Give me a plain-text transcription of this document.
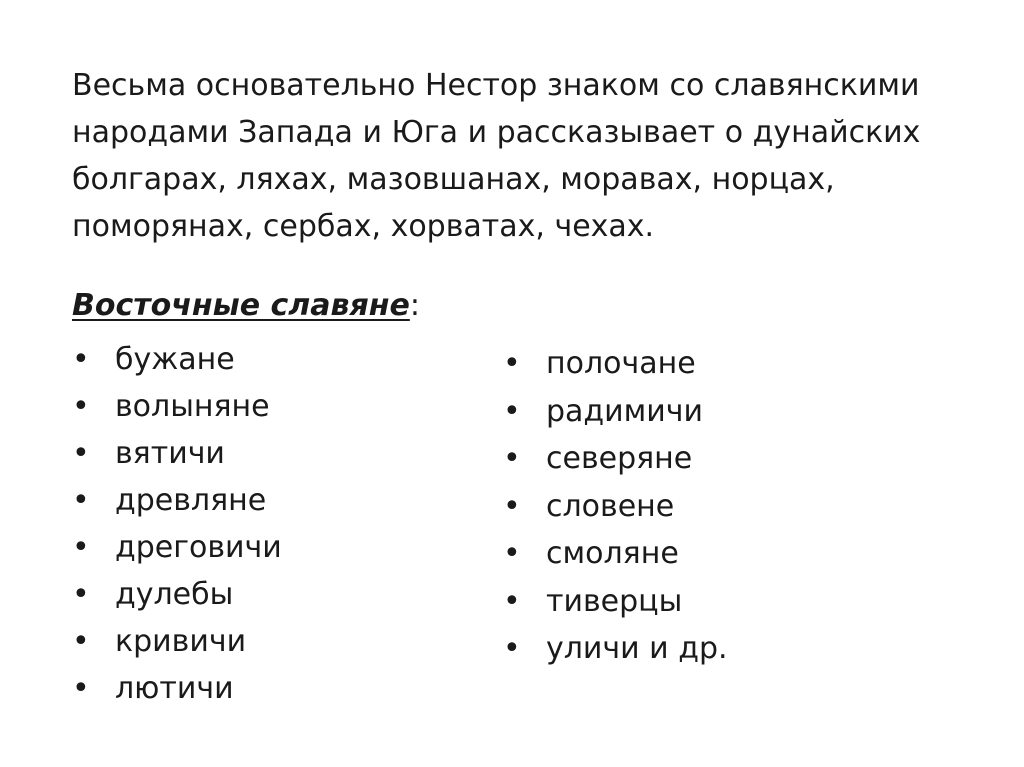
Весьма основательно Нестор знаком со славянскими
народами Запада и Юга и рассказывает о дунайских
болгарах, ляхах, мазовшанах, моравах, норцах,
поморянах, сербах, хорватах, чехах.
Восточные славяне:
• бужане
• волыняне
• вятичи
• древляне
• дреговичи
• дулебы
• кривичи
• лютичи
• полочане
• радимичи
• северяне
• словене
• смоляне
• тиверцы
• уличи и др.
